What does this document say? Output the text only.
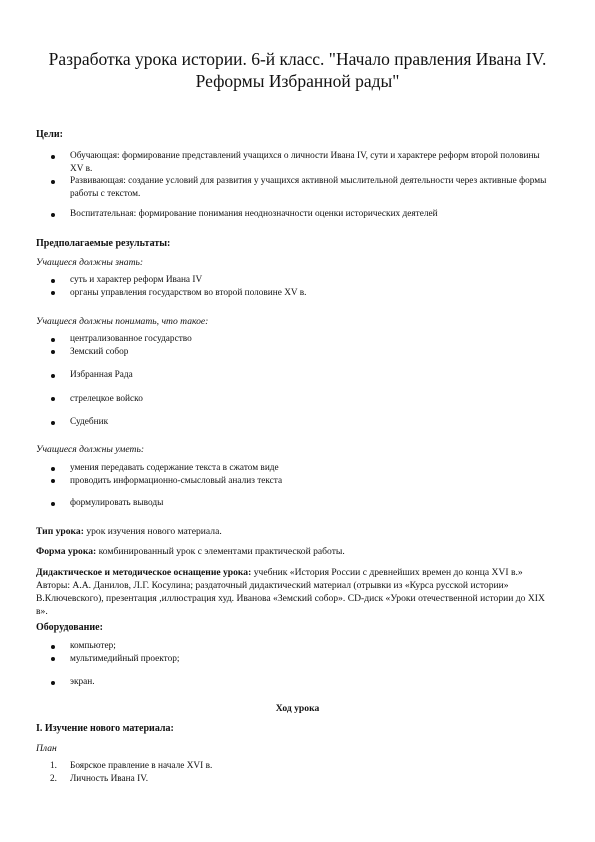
Разработка урока истории. 6-й класс. "Начало правления Ивана IV. Реформы Избранной рады"
Цели:
Обучающая: формирование представлений учащихся о личности Ивана IV, сути и характере реформ второй половины XV в.
Развивающая: создание условий для развития у учащихся активной мыслительной деятельности через активные формы работы с текстом.
Воспитательная: формирование понимания неоднозначности оценки исторических деятелей
Предполагаемые результаты:
Учащиеся должны знать:
суть и характер реформ Ивана IV
органы управления государством во второй половине XV в.
Учащиеся должны понимать, что такое:
централизованное государство
Земский собор
Избранная Рада
стрелецкое войско
Судебник
Учащиеся должны уметь:
умения передавать содержание текста в сжатом виде
проводить информационно-смысловый анализ текста
формулировать выводы
Тип урока: урок изучения нового материала.
Форма урока: комбинированный урок с элементами практической работы.
Дидактическое и методическое оснащение урока: учебник «История России с древнейших времен до конца XVI в.» Авторы: А.А. Данилов, Л.Г. Косулина; раздаточный дидактический материал (отрывки из «Курса русской истории» В.Ключевского), презентация ,иллюстрация худ. Иванова «Земский собор». CD-диск «Уроки отечественной истории до XIX в».
Оборудование:
компьютер;
мультимедийный проектор;
экран.
Ход урока
I. Изучение нового материала:
План
1. Боярское правление в начале XVI в.
2. Личность Ивана IV.
